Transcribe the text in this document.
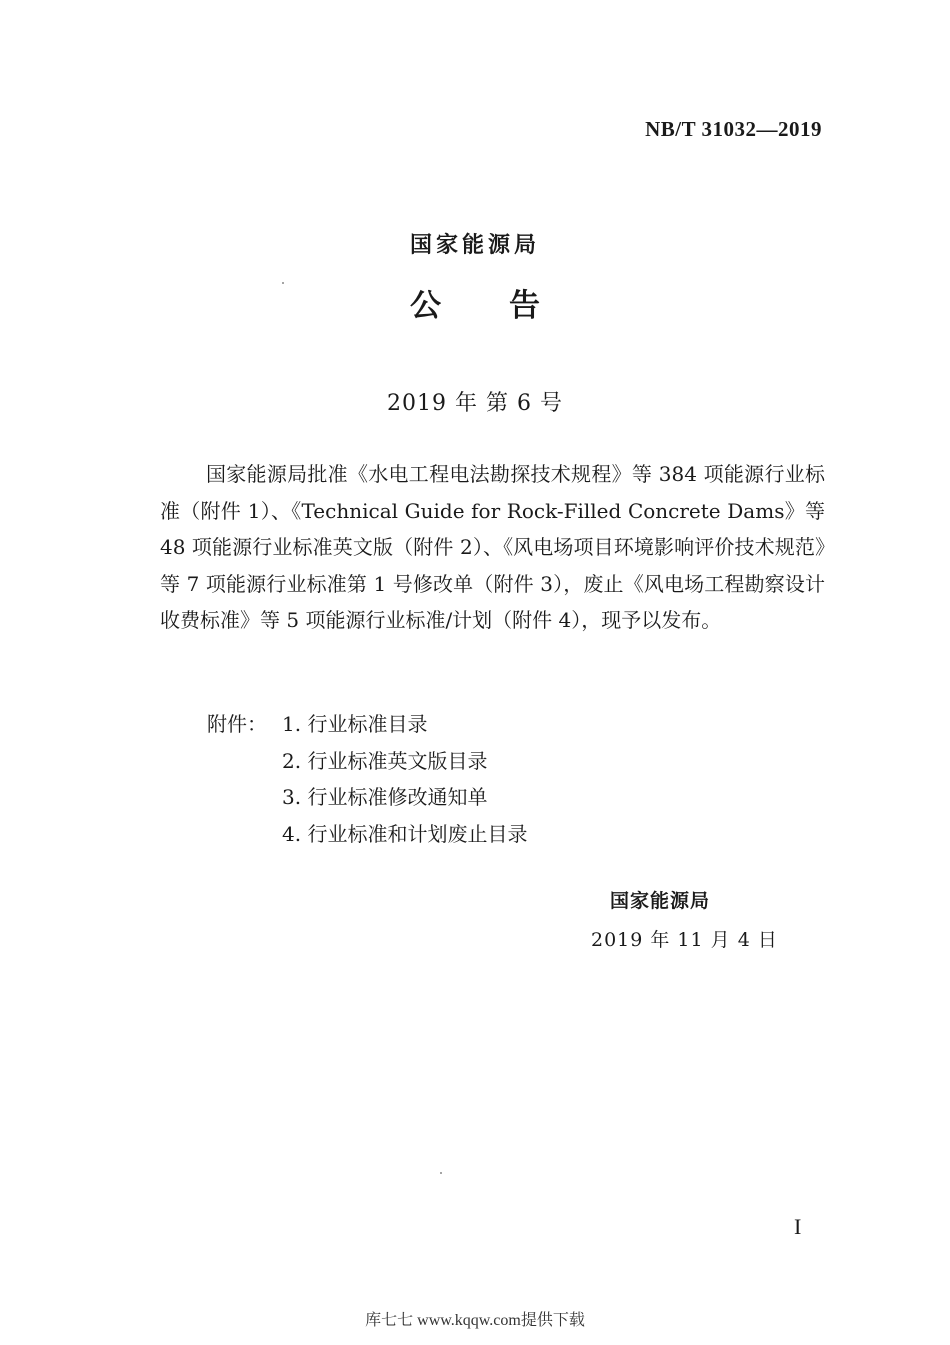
NB/T 31032—2019
国家能源局
公告
2019 年 第 6 号

国家能源局批准《水电工程电法勘探技术规程》等 384 项能源行业标准（附件 1）、《Technical Guide for Rock-Filled Concrete Dams》等 48 项能源行业标准英文版（附件 2）、《风电场项目环境影响评价技术规范》等 7 项能源行业标准第 1 号修改单（附件 3），废止《风电场工程勘察设计收费标准》等 5 项能源行业标准/计划（附件 4），现予以发布。

附件： 1. 行业标准目录
2. 行业标准英文版目录
3. 行业标准修改通知单
4. 行业标准和计划废止目录
国家能源局
2019 年 11 月 4 日
I
库七七 www.kqqw.com提供下载
